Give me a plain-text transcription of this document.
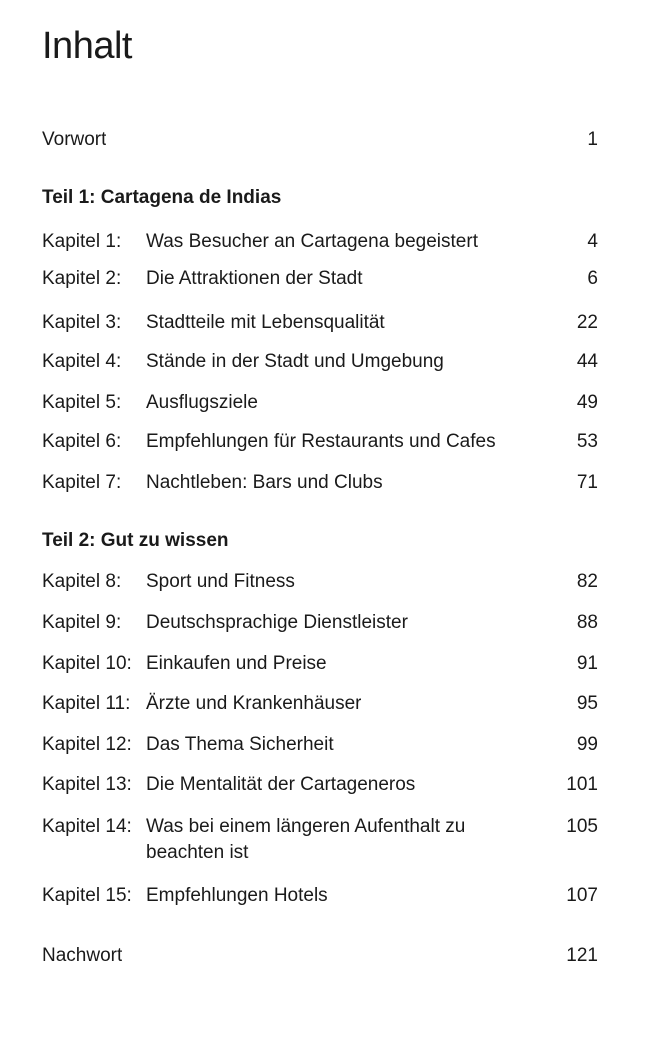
Inhalt
Vorwort	1
Teil 1: Cartagena de Indias
Kapitel 1:	Was Besucher an Cartagena begeistert	4
Kapitel 2:	Die Attraktionen der Stadt	6
Kapitel 3:	Stadtteile mit Lebensqualität	22
Kapitel 4:	Stände in der Stadt und Umgebung	44
Kapitel 5:	Ausflugsziele	49
Kapitel 6:	Empfehlungen für Restaurants und Cafes	53
Kapitel 7:	Nachtleben: Bars und Clubs	71
Teil 2: Gut zu wissen
Kapitel 8:	Sport und Fitness	82
Kapitel 9:	Deutschsprachige Dienstleister	88
Kapitel 10: Einkaufen und Preise	91
Kapitel 11: Ärzte und Krankenhäuser	95
Kapitel 12: Das Thema Sicherheit	99
Kapitel 13: Die Mentalität der Cartageneros	101
Kapitel 14: Was bei einem längeren Aufenthalt zu	105
beachten ist
Kapitel 15: Empfehlungen Hotels	107
Nachwort	121
